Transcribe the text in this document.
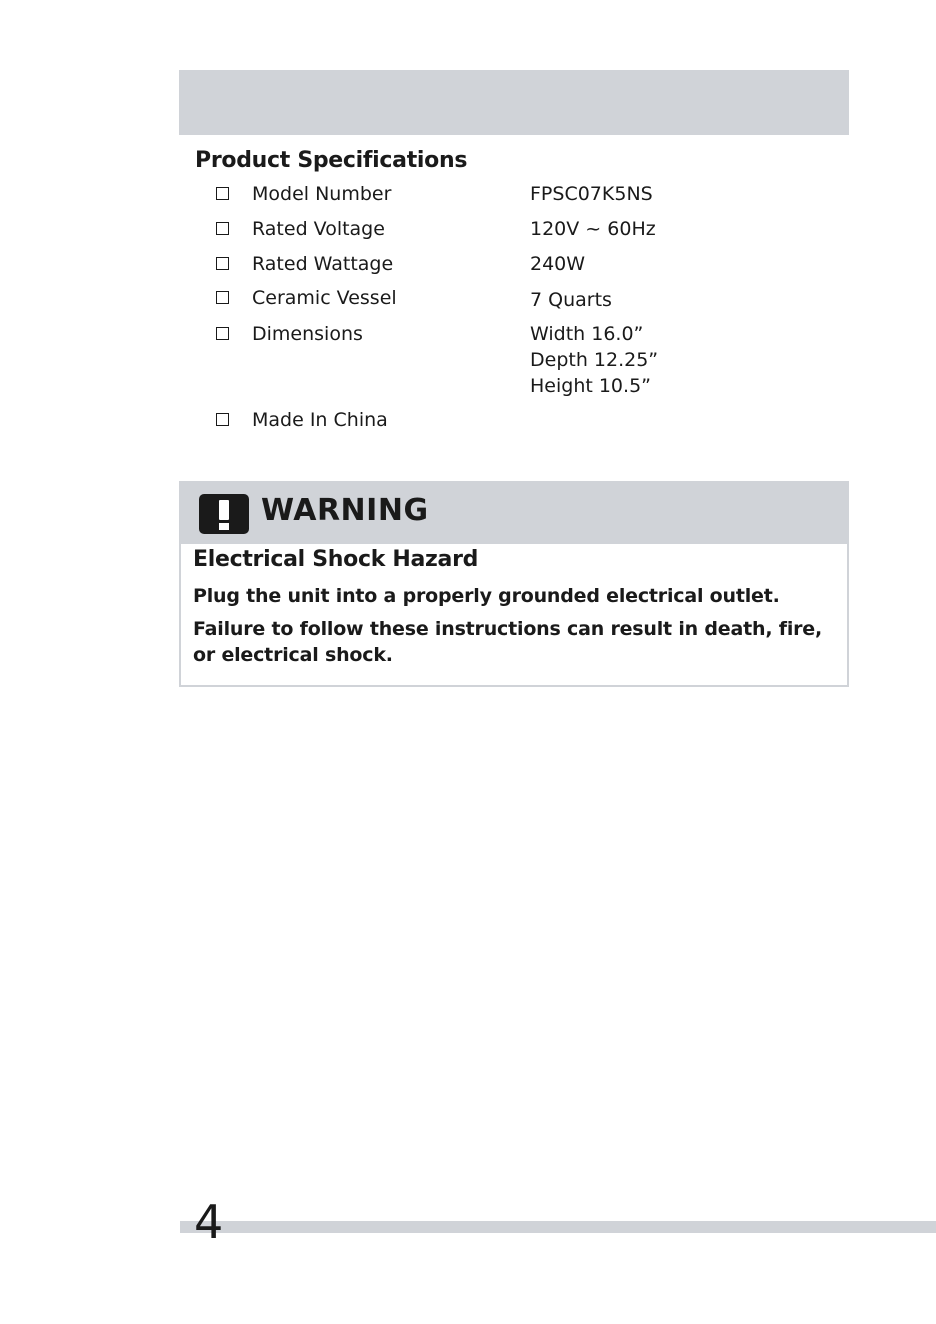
Product Specifications
Model Number	FPSC07K5NS
Rated Voltage	120V ~ 60Hz
Rated Wattage	240W
Ceramic Vessel	7 Quarts
Dimensions	Width 16.0”
Depth 12.25”
Height 10.5”
Made In China
WARNING
Electrical Shock Hazard
Plug the unit into a properly grounded electrical outlet.
Failure to follow these instructions can result in death, fire,
or electrical shock.
4
